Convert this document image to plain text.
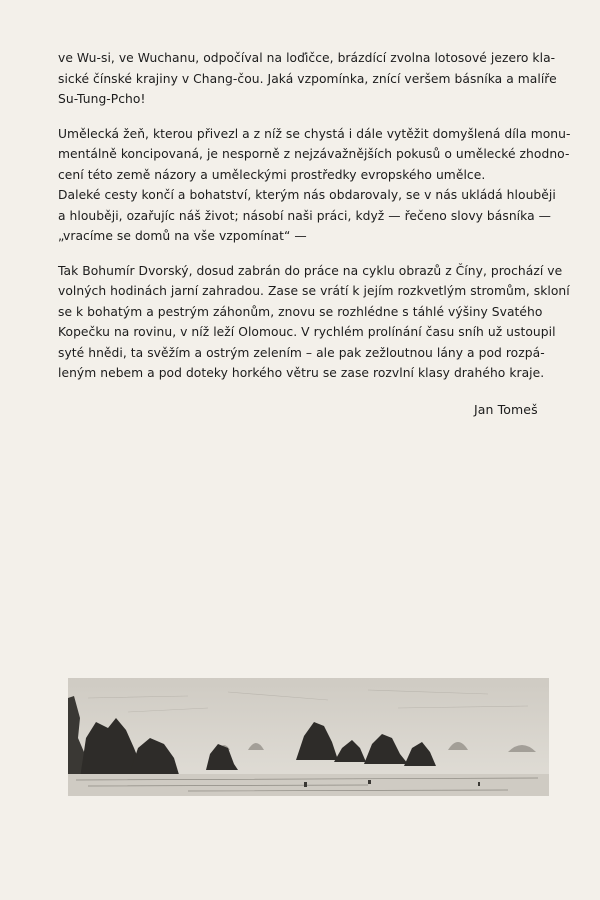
ve Wu-si, ve Wuchanu, odpočíval na loďičce, brázdící zvolna lotosové jezero kla-
sické čínské krajiny v Chang-čou. Jaká vzpomínka, znící veršem básníka a malíře
Su-Tung-Pcho!

Umělecká žeň, kterou přivezl a z níž se chystá i dále vytěžit domyšlená díla monu-
mentálně koncipovaná, je nesporně z nejzávažnějších pokusů o umělecké zhodno-
cení této země názory a uměleckými prostředky evropského umělce.

Daleké cesty končí a bohatství, kterým nás obdarovaly, se v nás ukládá hlouběji
a hlouběji, ozařujíc náš život; násobí naši práci, když — řečeno slovy básníka —
„vracíme se domů na vše vzpomínat“ —

Tak Bohumír Dvorský, dosud zabrán do práce na cyklu obrazů z Číny, prochází ve
volných hodinách jarní zahradou. Zase se vrátí k jejím rozkvetlým stromům, skloní
se k bohatým a pestrým záhonům, znovu se rozhlédne s táhlé výšiny Svatého
Kopečku na rovinu, v níž leží Olomouc. V rychlém prolínání času sníh už ustoupil
syté hnědi, ta svěžím a ostrým zelením – ale pak zežloutnou lány a pod rozpá-
leným nebem a pod doteky horkého větru se zase rozvlní klasy drahého kraje.

Jan Tomeš
